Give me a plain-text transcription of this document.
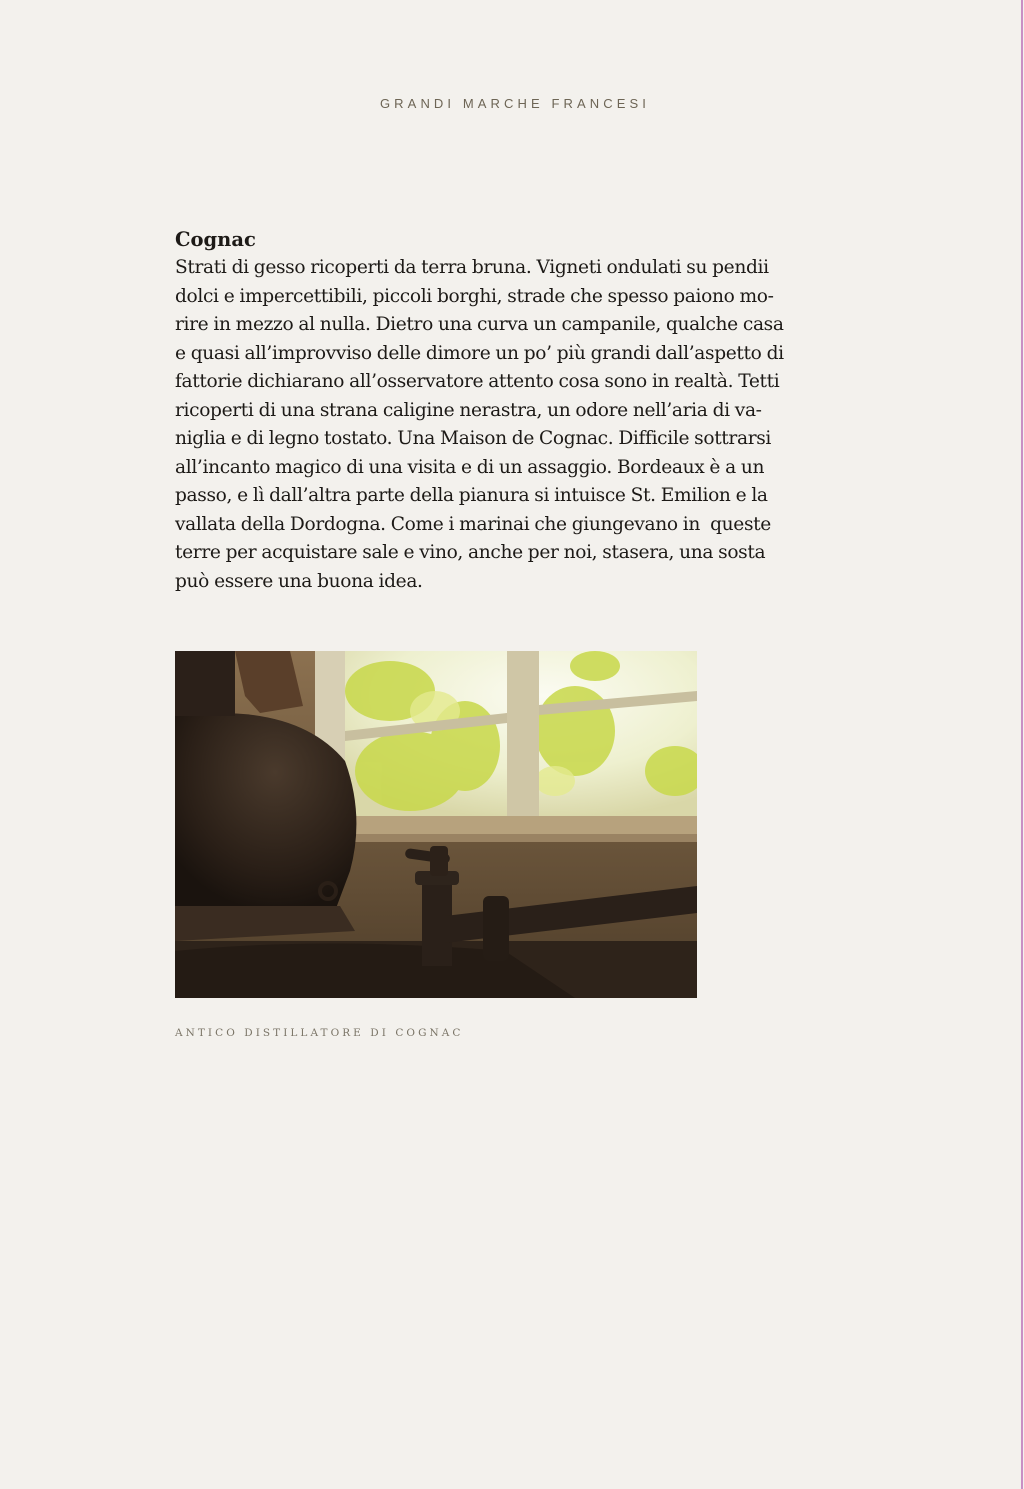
GRANDI MARCHE FRANCESI
Cognac

Strati di gesso ricoperti da terra bruna. Vigneti ondulati su pendii
dolci e impercettibili, piccoli borghi, strade che spesso paiono mo-
rire in mezzo al nulla. Dietro una curva un campanile, qualche casa
e quasi all’improvviso delle dimore un po’ più grandi dall’aspetto di
fattorie dichiarano all’osservatore attento cosa sono in realtà. Tetti
ricoperti di una strana caligine nerastra, un odore nell’aria di va-
niglia e di legno tostato. Una Maison de Cognac. Difficile sottrarsi
all’incanto magico di una visita e di un assaggio. Bordeaux è a un
passo, e lì dall’altra parte della pianura si intuisce St. Emilion e la
vallata della Dordogna. Come i marinai che giungevano in  queste
terre per acquistare sale e vino, anche per noi, stasera, una sosta
può essere una buona idea.

ANTICO DISTILLATORE DI COGNAC
